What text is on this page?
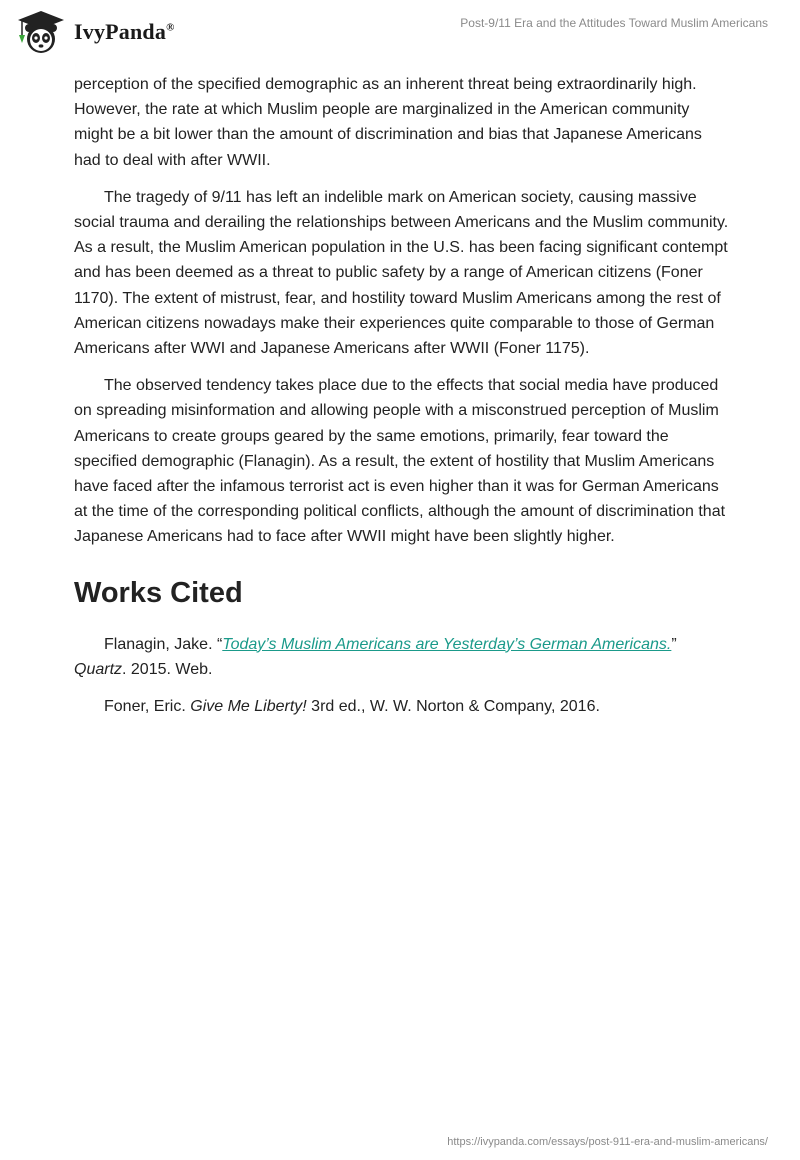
IvyPanda®	Post-9/11 Era and the Attitudes Toward Muslim Americans

perception of the specified demographic as an inherent threat being extraordinarily high. However, the rate at which Muslim people are marginalized in the American community might be a bit lower than the amount of discrimination and bias that Japanese Americans had to deal with after WWII.

The tragedy of 9/11 has left an indelible mark on American society, causing massive social trauma and derailing the relationships between Americans and the Muslim community. As a result, the Muslim American population in the U.S. has been facing significant contempt and has been deemed as a threat to public safety by a range of American citizens (Foner 1170). The extent of mistrust, fear, and hostility toward Muslim Americans among the rest of American citizens nowadays make their experiences quite comparable to those of German Americans after WWI and Japanese Americans after WWII (Foner 1175).

The observed tendency takes place due to the effects that social media have produced on spreading misinformation and allowing people with a misconstrued perception of Muslim Americans to create groups geared by the same emotions, primarily, fear toward the specified demographic (Flanagin). As a result, the extent of hostility that Muslim Americans have faced after the infamous terrorist act is even higher than it was for German Americans at the time of the corresponding political conflicts, although the amount of discrimination that Japanese Americans had to face after WWII might have been slightly higher.

Works Cited

Flanagin, Jake. “Today’s Muslim Americans are Yesterday’s German Americans.” Quartz. 2015. Web.

Foner, Eric. Give Me Liberty! 3rd ed., W. W. Norton & Company, 2016.

https://ivypanda.com/essays/post-911-era-and-muslim-americans/
